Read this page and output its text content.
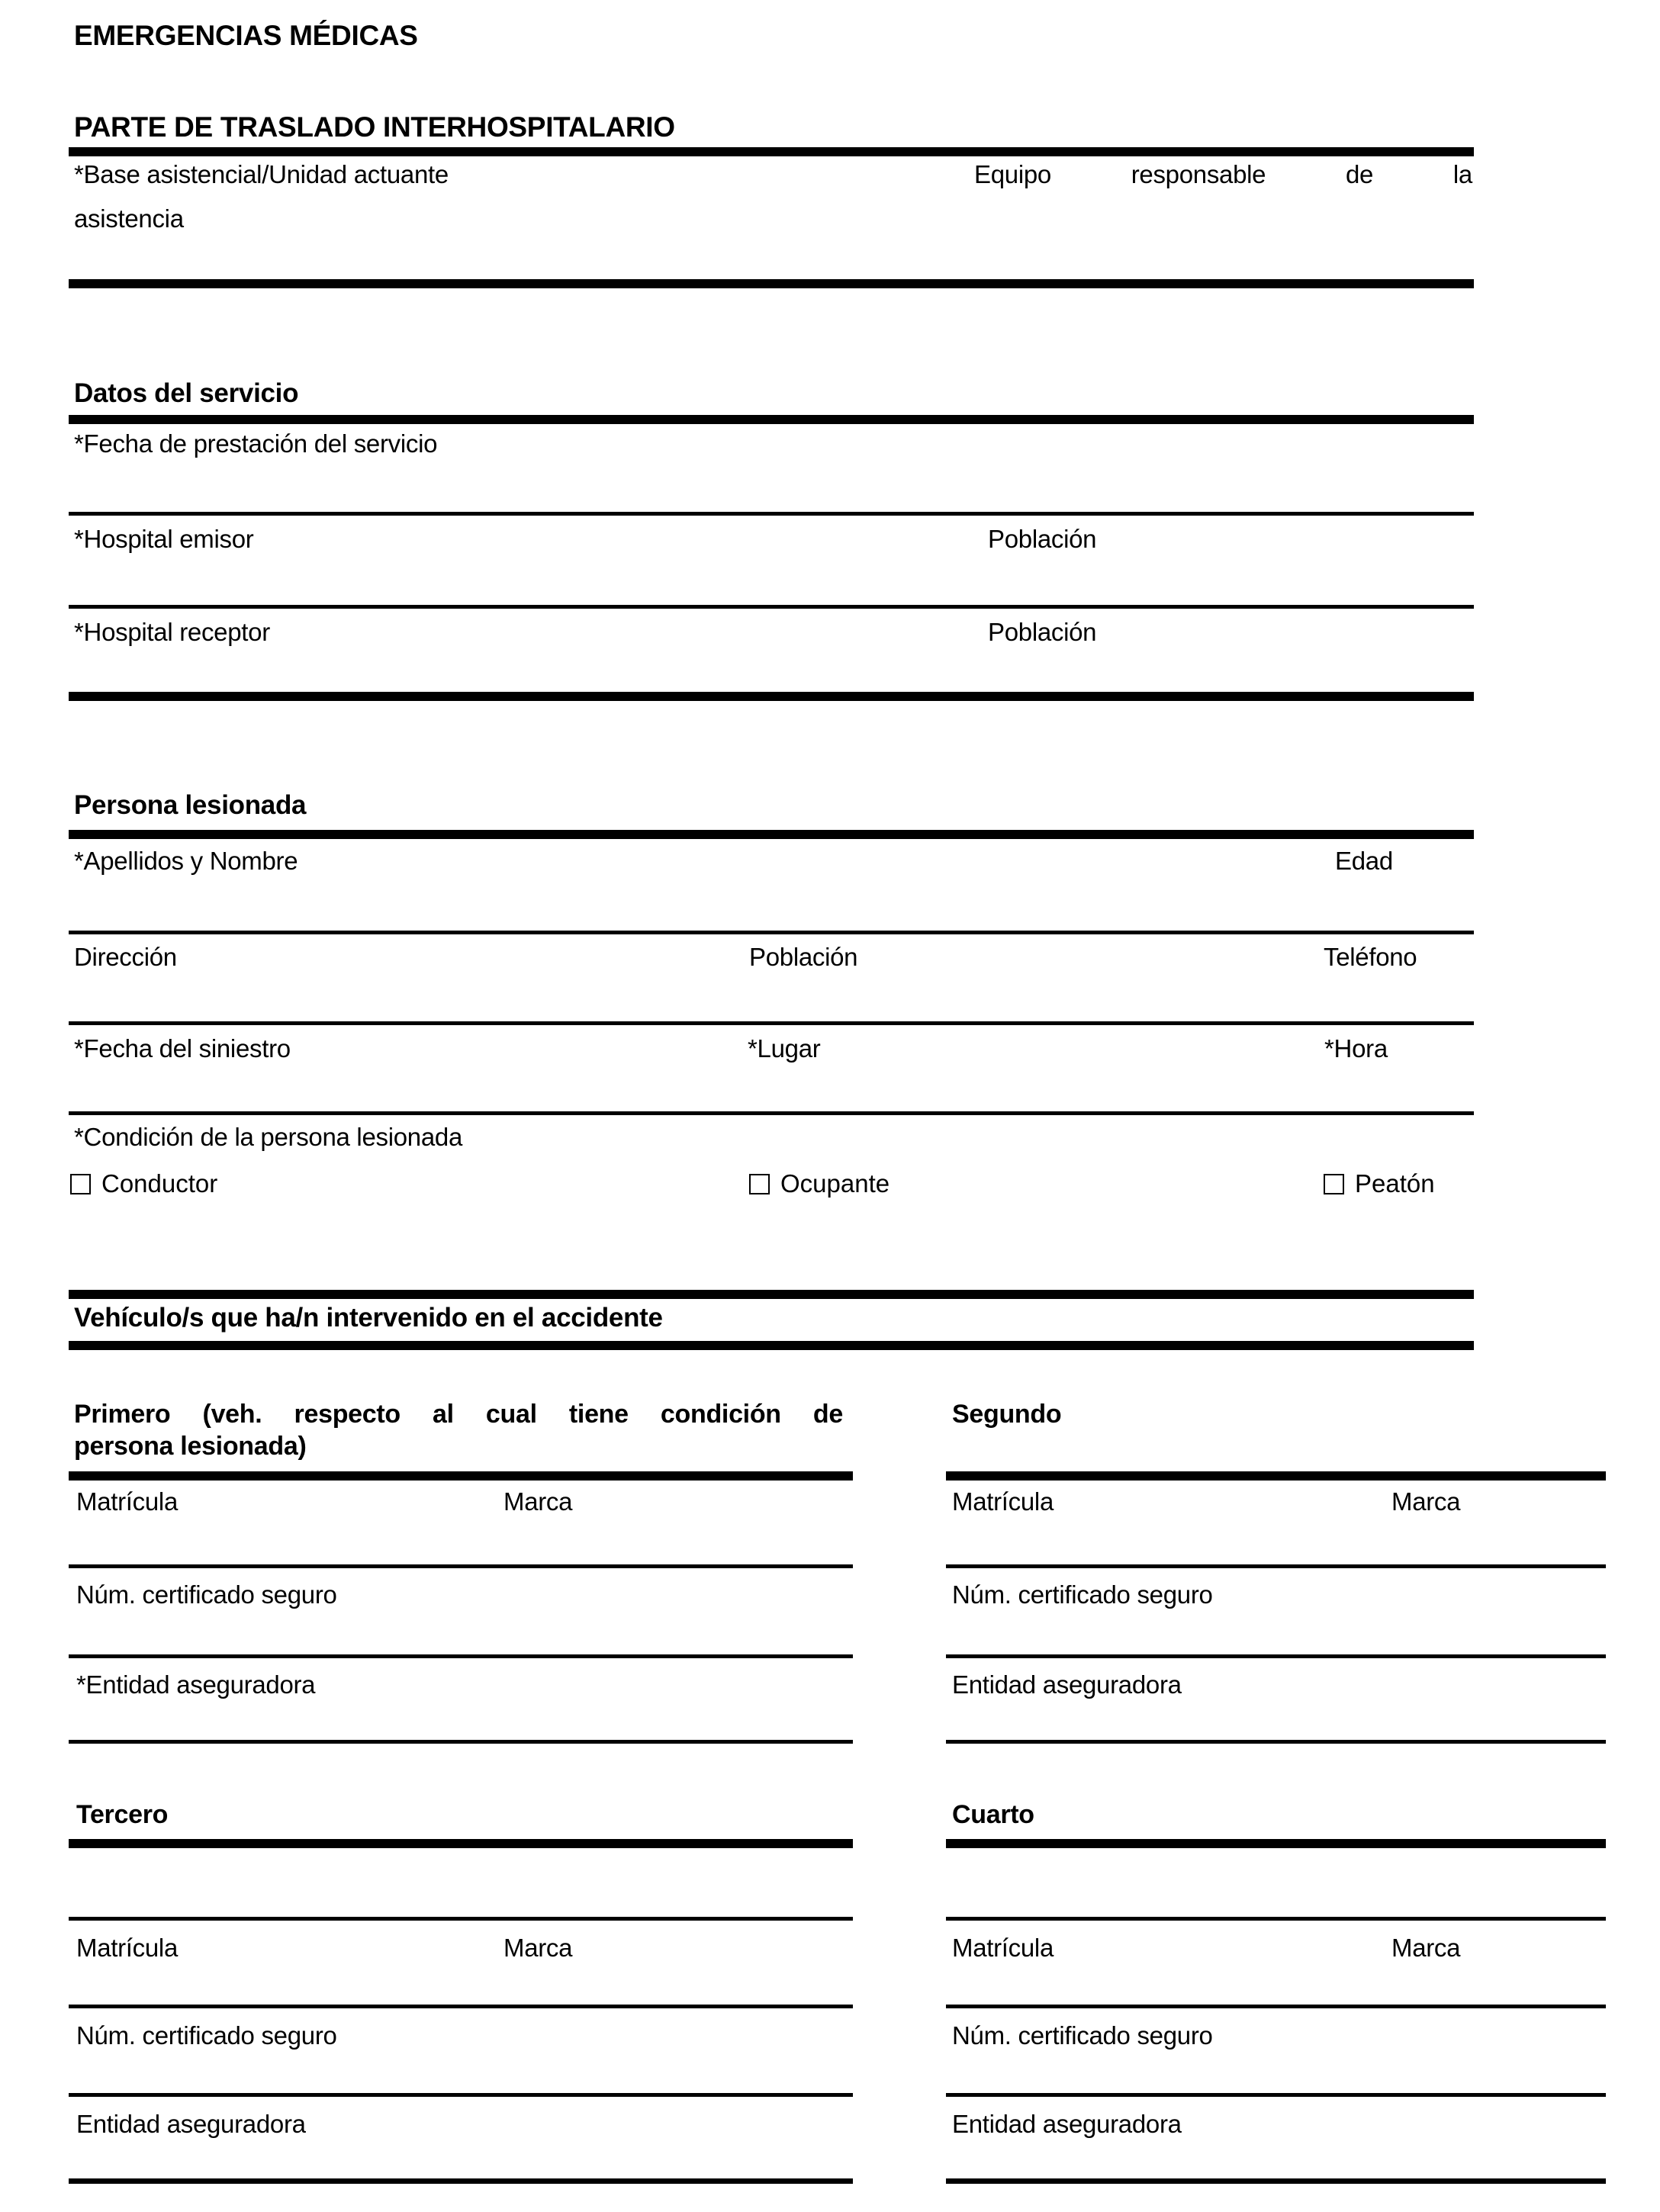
EMERGENCIAS MÉDICAS
PARTE DE TRASLADO INTERHOSPITALARIO
*Base asistencial/Unidad actuante	Equipo	responsable	de	la
asistencia
Datos del servicio
*Fecha de prestación del servicio
*Hospital emisor	Población
*Hospital receptor	Población
Persona lesionada
*Apellidos y Nombre	Edad
Dirección	Población	Teléfono
*Fecha del siniestro	*Lugar	*Hora
*Condición de la persona lesionada
Conductor	Ocupante	Peatón
Vehículo/s que ha/n intervenido en el accidente
Primero (veh. respecto al cual tiene condición de
persona lesionada)
Segundo
Matrícula	Marca	Matrícula	Marca
Núm. certificado seguro	Núm. certificado seguro
*Entidad aseguradora	Entidad aseguradora
Tercero	Cuarto
Matrícula	Marca	Matrícula	Marca
Núm. certificado seguro	Núm. certificado seguro
Entidad aseguradora	Entidad aseguradora
